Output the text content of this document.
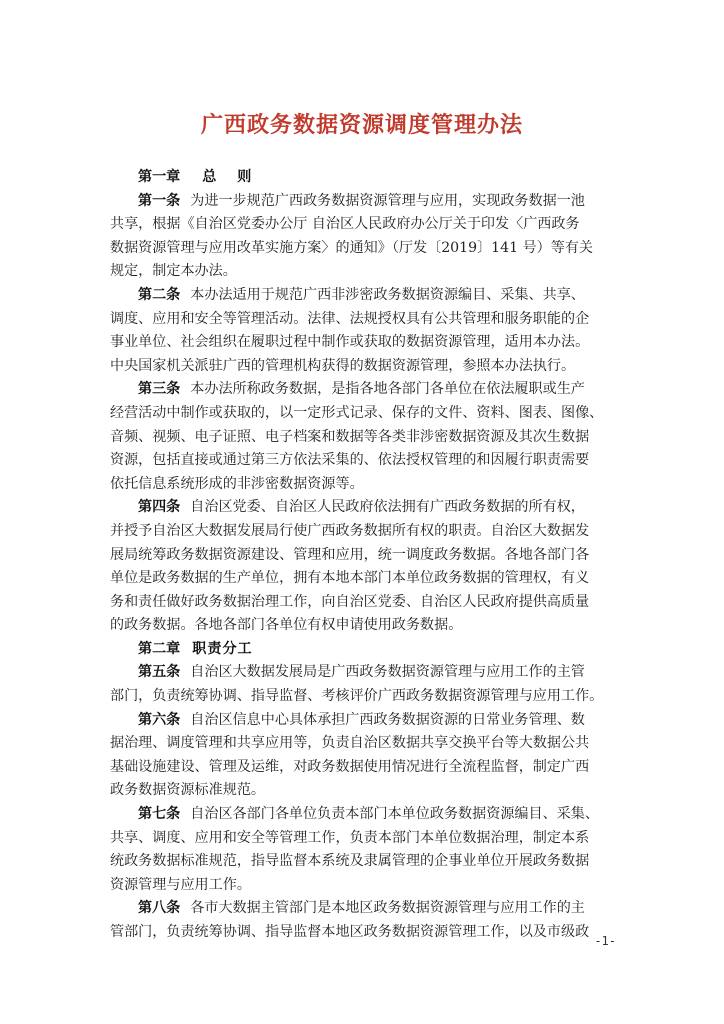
广西政务数据资源调度管理办法
第一章 总 则
第一条 为进一步规范广西政务数据资源管理与应用，实现政务数据一池
共享，根据《自治区党委办公厅 自治区人民政府办公厅关于印发〈广西政务
数据资源管理与应用改革实施方案〉的通知》（厅发〔2019〕141 号）等有关
规定，制定本办法。
第二条 本办法适用于规范广西非涉密政务数据资源编目、采集、共享、
调度、应用和安全等管理活动。法律、法规授权具有公共管理和服务职能的企
事业单位、社会组织在履职过程中制作或获取的数据资源管理，适用本办法。
中央国家机关派驻广西的管理机构获得的数据资源管理，参照本办法执行。
第三条 本办法所称政务数据，是指各地各部门各单位在依法履职或生产
经营活动中制作或获取的，以一定形式记录、保存的文件、资料、图表、图像、
音频、视频、电子证照、电子档案和数据等各类非涉密数据资源及其次生数据
资源，包括直接或通过第三方依法采集的、依法授权管理的和因履行职责需要
依托信息系统形成的非涉密数据资源等。
第四条 自治区党委、自治区人民政府依法拥有广西政务数据的所有权，
并授予自治区大数据发展局行使广西政务数据所有权的职责。自治区大数据发
展局统筹政务数据资源建设、管理和应用，统一调度政务数据。各地各部门各
单位是政务数据的生产单位，拥有本地本部门本单位政务数据的管理权，有义
务和责任做好政务数据治理工作，向自治区党委、自治区人民政府提供高质量
的政务数据。各地各部门各单位有权申请使用政务数据。
第二章 职责分工
第五条 自治区大数据发展局是广西政务数据资源管理与应用工作的主管
部门，负责统筹协调、指导监督、考核评价广西政务数据资源管理与应用工作。
第六条 自治区信息中心具体承担广西政务数据资源的日常业务管理、数
据治理、调度管理和共享应用等，负责自治区数据共享交换平台等大数据公共
基础设施建设、管理及运维，对政务数据使用情况进行全流程监督，制定广西
政务数据资源标准规范。
第七条 自治区各部门各单位负责本部门本单位政务数据资源编目、采集、
共享、调度、应用和安全等管理工作，负责本部门本单位数据治理，制定本系
统政务数据标准规范，指导监督本系统及隶属管理的企事业单位开展政务数据
资源管理与应用工作。
第八条 各市大数据主管部门是本地区政务数据资源管理与应用工作的主
管部门，负责统筹协调、指导监督本地区政务数据资源管理工作，以及市级政
-1-
